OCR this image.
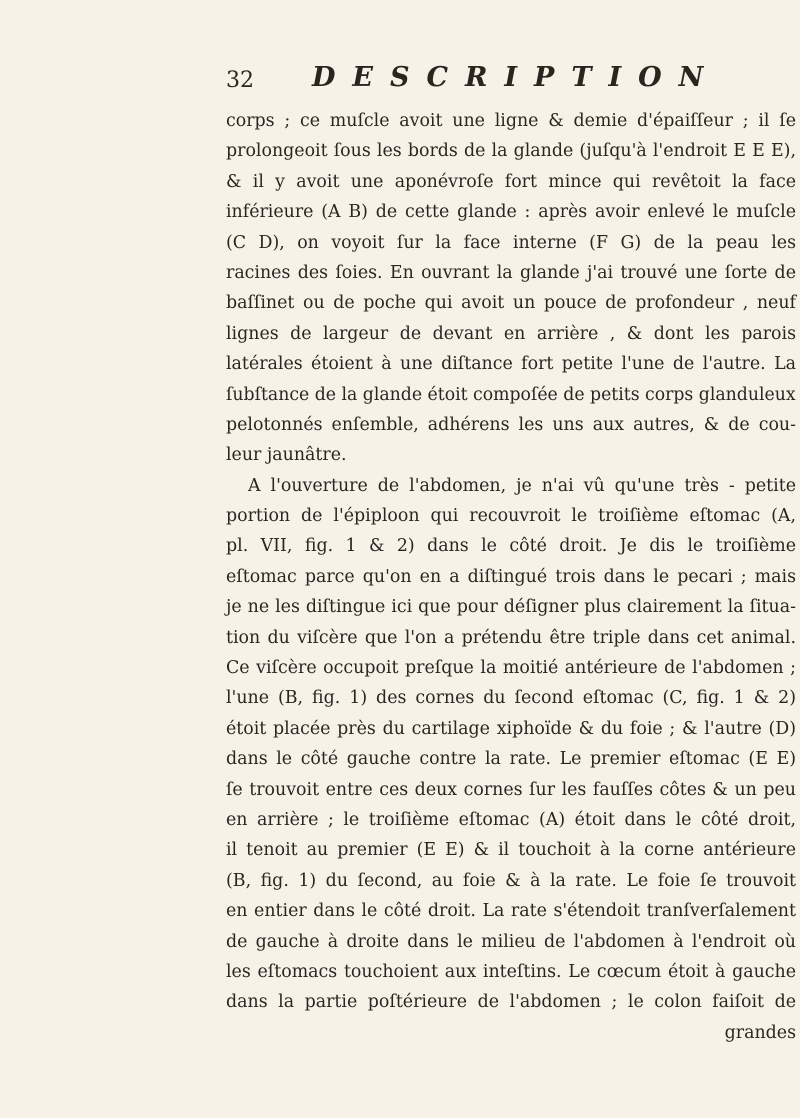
32 DESCRIPTION
corps ; ce muſcle avoit une ligne & demie d'épaiſſeur ; il ſe
prolongeoit ſous les bords de la glande (juſqu'à l'endroit E E E),
& il y avoit une aponévroſe fort mince qui revêtoit la face
inférieure (A B) de cette glande : après avoir enlevé le muſcle
(C D), on voyoit ſur la face interne (F G) de la peau les
racines des ſoies. En ouvrant la glande j'ai trouvé une ſorte de
baſſinet ou de poche qui avoit un pouce de profondeur , neuf
lignes de largeur de devant en arrière , & dont les parois
latérales étoient à une diſtance fort petite l'une de l'autre. La
ſubſtance de la glande étoit compoſée de petits corps glanduleux
pelotonnés enſemble, adhérens les uns aux autres, & de cou-
leur jaunâtre.
A l'ouverture de l'abdomen, je n'ai vû qu'une très - petite
portion de l'épiploon qui recouvroit le troiſième eſtomac (A,
pl. VII, fig. 1 & 2) dans le côté droit. Je dis le troiſième
eſtomac parce qu'on en a diſtingué trois dans le pecari ; mais
je ne les diſtingue ici que pour déſigner plus clairement la ſitua-
tion du viſcère que l'on a prétendu être triple dans cet animal.
Ce viſcère occupoit preſque la moitié antérieure de l'abdomen ;
l'une (B, fig. 1) des cornes du ſecond eſtomac (C, fig. 1 & 2)
étoit placée près du cartilage xiphoïde & du foie ; & l'autre (D)
dans le côté gauche contre la rate. Le premier eſtomac (E E)
ſe trouvoit entre ces deux cornes ſur les fauſſes côtes & un peu
en arrière ; le troiſième eſtomac (A) étoit dans le côté droit,
il tenoit au premier (E E) & il touchoit à la corne antérieure
(B, fig. 1) du ſecond, au foie & à la rate. Le foie ſe trouvoit
en entier dans le côté droit. La rate s'étendoit tranſverſalement
de gauche à droite dans le milieu de l'abdomen à l'endroit où
les eſtomacs touchoient aux inteſtins. Le cœcum étoit à gauche
dans la partie poſtérieure de l'abdomen ; le colon faiſoit de
grandes
